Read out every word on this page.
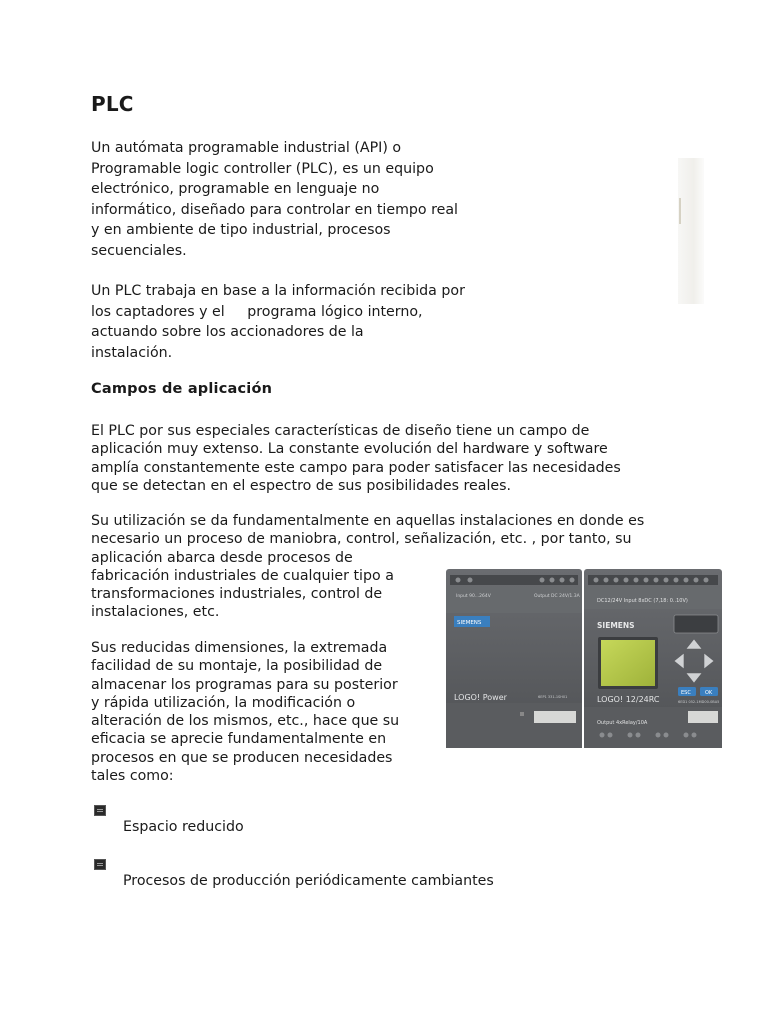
PLC

Un autómata programable industrial (API) o
Programable logic controller (PLC), es un equipo
electrónico, programable en lenguaje no
informático, diseñado para controlar en tiempo real
y en ambiente de tipo industrial, procesos
secuenciales.

Un PLC trabaja en base a la información recibida por
los captadores y el     programa lógico interno,
actuando sobre los accionadores de la
instalación.

Campos de aplicación

El PLC por sus especiales características de diseño tiene un campo de
aplicación muy extenso. La constante evolución del hardware y software
amplía constantemente este campo para poder satisfacer las necesidades
que se detectan en el espectro de sus posibilidades reales.

Su utilización se da fundamentalmente en aquellas instalaciones en donde es
necesario un proceso de maniobra, control, señalización, etc. , por tanto, su
aplicación abarca desde procesos de
fabricación industriales de cualquier tipo a
transformaciones industriales, control de
instalaciones, etc.

Sus reducidas dimensiones, la extremada
facilidad de su montaje, la posibilidad de
almacenar los programas para su posterior
y rápida utilización, la modificación o
alteración de los mismos, etc., hace que su
eficacia se aprecie fundamentalmente en
procesos en que se producen necesidades
tales como:

Espacio reducido

Procesos de producción periódicamente cambiantes

Input 90...264V	Output DC 24V/1.3A
SIEMENS
LOGO! Power	6EP1 331-1SH01
DC12/24V Input 8xDC (7,18: 0..10V)
SIEMENS
LOGO! 12/24RC
ESC	OK
6ED1 052-1MD00-0BA5
Output 4xRelay/10A
